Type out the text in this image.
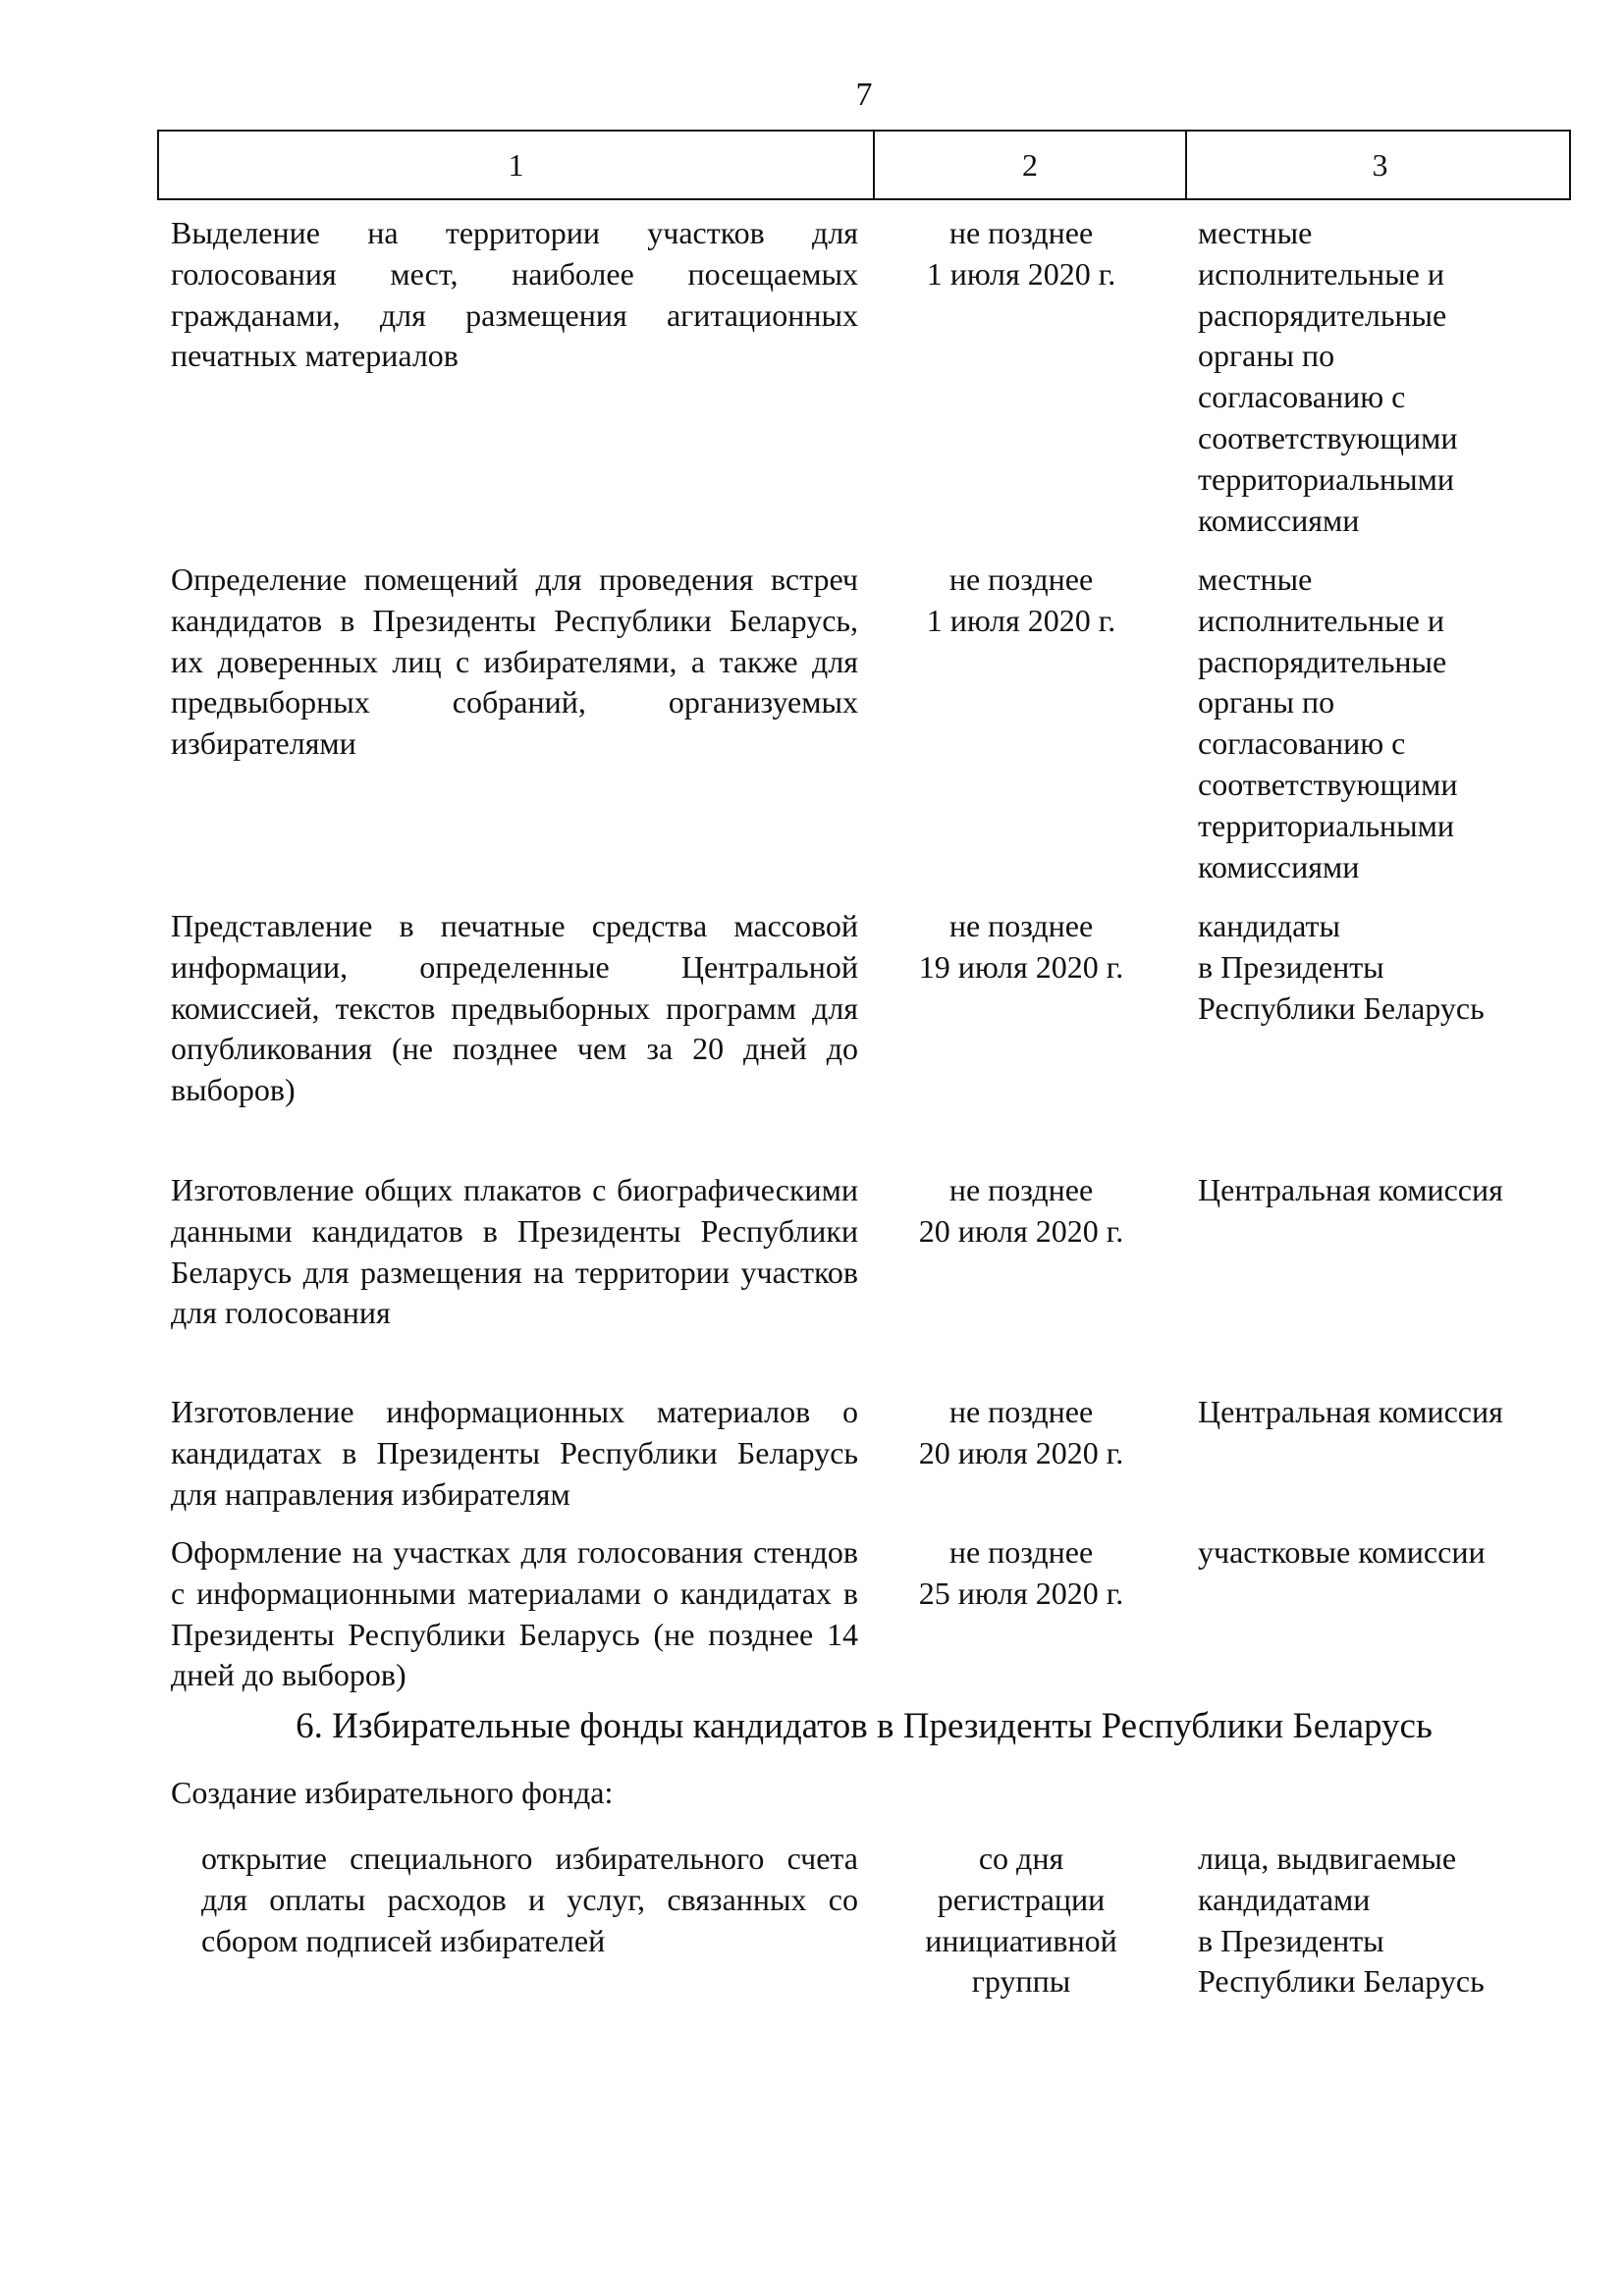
7
1	2	3
Выделение на территории участков для голосования мест, наиболее посещаемых гражданами, для размещения агитационных печатных материалов
не позднее
1 июля 2020 г.
местные
исполнительные и
распорядительные
органы по
согласованию с
соответствующими
территориальными
комиссиями
Определение помещений для проведения встреч кандидатов в Президенты Республики Беларусь, их доверенных лиц с избирателями, а также для предвыборных собраний, организуемых избирателями
не позднее
1 июля 2020 г.
местные
исполнительные и
распорядительные
органы по
согласованию с
соответствующими
территориальными
комиссиями
Представление в печатные средства массовой информации, определенные Центральной комиссией, текстов предвыборных программ для опубликования (не позднее чем за 20 дней до выборов)
не позднее
19 июля 2020 г.
кандидаты
в Президенты
Республики Беларусь
Изготовление общих плакатов с биографическими данными кандидатов в Президенты Республики Беларусь для размещения на территории участков для голосования
не позднее
20 июля 2020 г.
Центральная комиссия
Изготовление информационных материалов о кандидатах в Президенты Республики Беларусь для направления избирателям
не позднее
20 июля 2020 г.
Центральная комиссия
Оформление на участках для голосования стендов с информационными материалами о кандидатах в Президенты Республики Беларусь (не позднее 14 дней до выборов)
не позднее
25 июля 2020 г.
участковые комиссии
6. Избирательные фонды кандидатов в Президенты Республики Беларусь
Создание избирательного фонда:
открытие специального избирательного счета для оплаты расходов и услуг, связанных со сбором подписей избирателей
со дня
регистрации
инициативной
группы
лица, выдвигаемые
кандидатами
в Президенты
Республики Беларусь
